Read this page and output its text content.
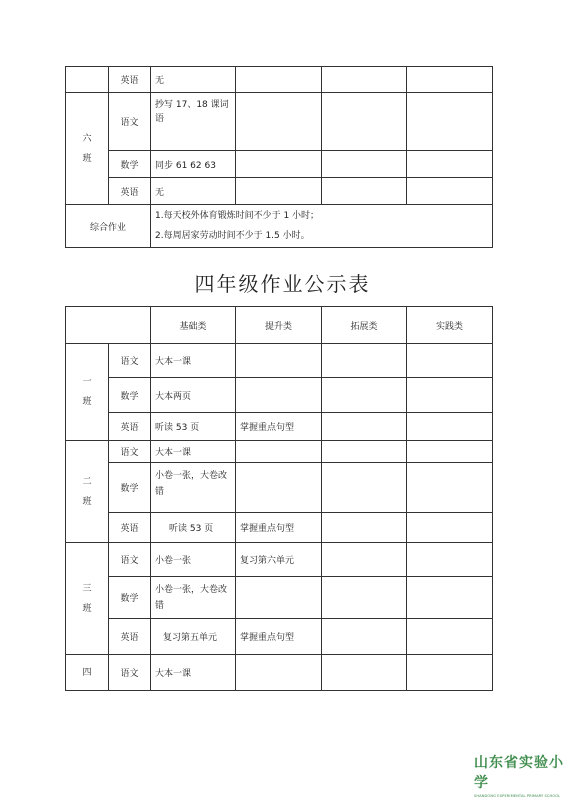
	英语	无			
六
班	语文	抄写 17、18 课词语			
	数学	同步 61 62 63			
	英语	无			
综合作业		1.每天校外体育锻炼时间不少于 1 小时；
2.每周居家劳动时间不少于 1.5 小时。			
四年级作业公示表
		基础类	提升类	拓展类	实践类
一
班	语文	大本一课			
	数学	大本两页			
	英语	听读 53 页	掌握重点句型		
二
班	语文	大本一课			
	数学	小卷一张，大卷改错			
	英语	听读 53 页	掌握重点句型		
三
班	语文	小卷一张	复习第六单元		
	数学	小卷一张，大卷改错			
	英语	复习第五单元	掌握重点句型		
四	语文	大本一课			
山东省实验小学
SHANDONG EXPERIMENTAL PRIMARY SCHOOL
